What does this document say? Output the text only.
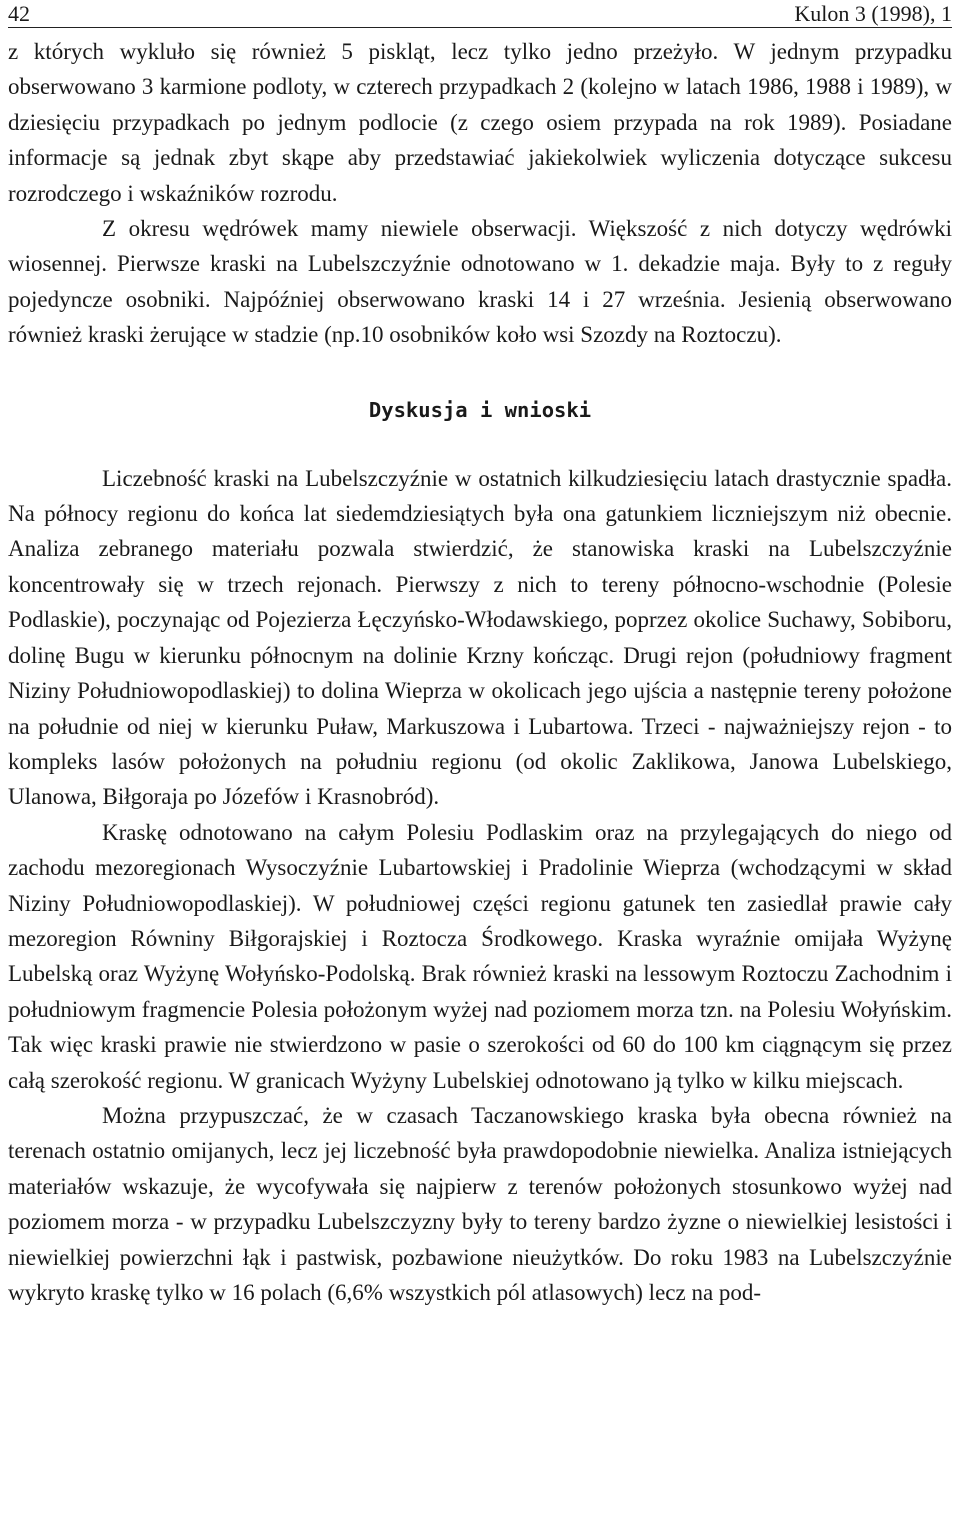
42	Kulon 3 (1998), 1

z których wykluło się również 5 piskląt, lecz tylko jedno przeżyło. W jednym przypadku obserwowano 3 karmione podloty, w czterech przypadkach 2 (kolejno w latach 1986, 1988 i 1989), w dziesięciu przypadkach po jednym podlocie (z czego osiem przypada na rok 1989). Posiadane informacje są jednak zbyt skąpe aby przedstawiać jakiekolwiek wyliczenia dotyczące sukcesu rozrodczego i wskaźników rozrodu.

Z okresu wędrówek mamy niewiele obserwacji. Większość z nich dotyczy wędrówki wiosennej. Pierwsze kraski na Lubelszczyźnie odnotowano w 1. dekadzie maja. Były to z reguły pojedyncze osobniki. Najpóźniej obserwowano kraski 14 i 27 września. Jesienią obserwowano również kraski żerujące w stadzie (np.10 osobników koło wsi Szozdy na Roztoczu).

Dyskusja i wnioski

Liczebność kraski na Lubelszczyźnie w ostatnich kilkudziesięciu latach drastycznie spadła. Na północy regionu do końca lat siedemdziesiątych była ona gatunkiem liczniejszym niż obecnie. Analiza zebranego materiału pozwala stwierdzić, że stanowiska kraski na Lubelszczyźnie koncentrowały się w trzech rejonach. Pierwszy z nich to tereny północno-wschodnie (Polesie Podlaskie), poczynając od Pojezierza Łęczyńsko-Włodawskiego, poprzez okolice Suchawy, Sobiboru, dolinę Bugu w kierunku północnym na dolinie Krzny kończąc. Drugi rejon (południowy fragment Niziny Południowopodlaskiej) to dolina Wieprza w okolicach jego ujścia a następnie tereny położone na południe od niej w kierunku Puław, Markuszowa i Lubartowa. Trzeci - najważniejszy rejon - to kompleks lasów położonych na południu regionu (od okolic Zaklikowa, Janowa Lubelskiego, Ulanowa, Biłgoraja po Józefów i Krasnobród).

Kraskę odnotowano na całym Polesiu Podlaskim oraz na przylegających do niego od zachodu mezoregionach Wysoczyźnie Lubartowskiej i Pradolinie Wieprza (wchodzącymi w skład Niziny Południowopodlaskiej). W południowej części regionu gatunek ten zasiedlał prawie cały mezoregion Równiny Biłgorajskiej i Roztocza Środkowego. Kraska wyraźnie omijała Wyżynę Lubelską oraz Wyżynę Wołyńsko-Podolską. Brak również kraski na lessowym Roztoczu Zachodnim i południowym fragmencie Polesia położonym wyżej nad poziomem morza tzn. na Polesiu Wołyńskim. Tak więc kraski prawie nie stwierdzono w pasie o szerokości od 60 do 100 km ciągnącym się przez całą szerokość regionu. W granicach Wyżyny Lubelskiej odnotowano ją tylko w kilku miejscach.

Można przypuszczać, że w czasach Taczanowskiego kraska była obecna również na terenach ostatnio omijanych, lecz jej liczebność była prawdopodobnie niewielka. Analiza istniejących materiałów wskazuje, że wycofywała się najpierw z terenów położonych stosunkowo wyżej nad poziomem morza - w przypadku Lubelszczyzny były to tereny bardzo żyzne o niewielkiej lesistości i niewielkiej powierzchni łąk i pastwisk, pozbawione nieużytków. Do roku 1983 na Lubelszczyźnie wykryto kraskę tylko w 16 polach (6,6% wszystkich pól atlasowych) lecz na pod-
